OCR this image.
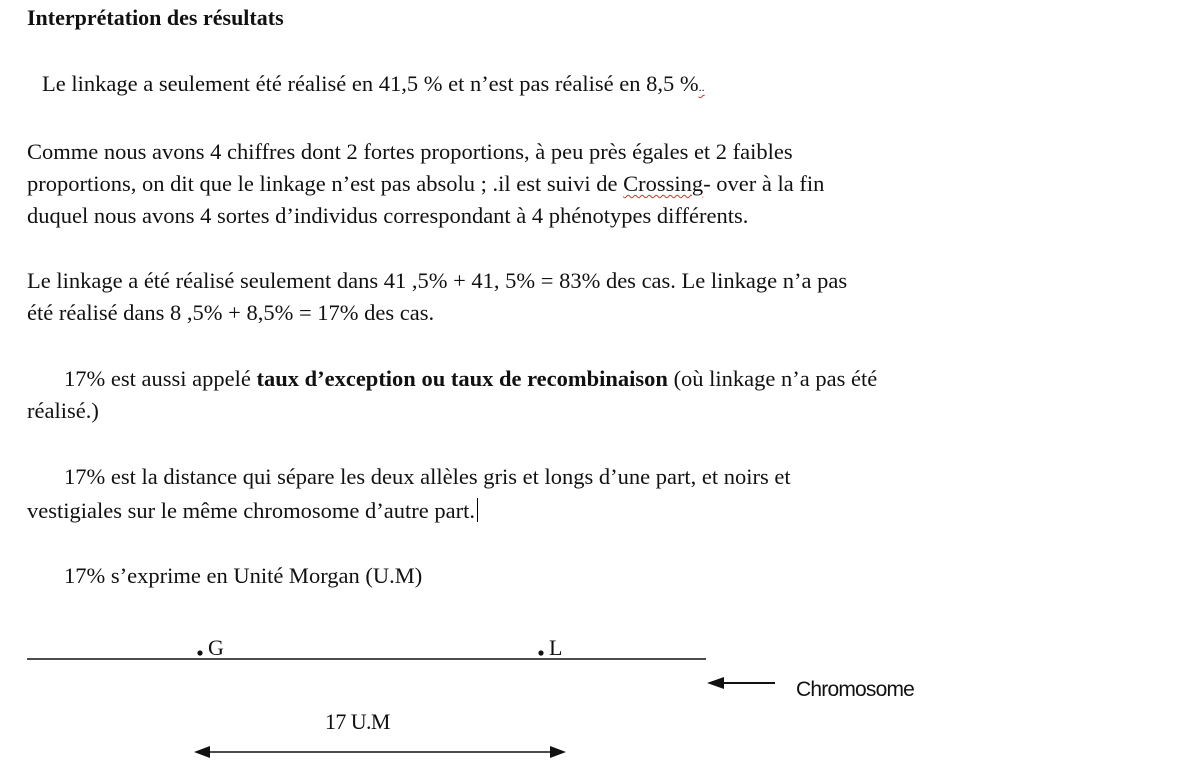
Interprétation des résultats
Le linkage a seulement été réalisé en 41,5 % et n’est pas réalisé en 8,5 %..
Comme nous avons 4 chiffres dont 2 fortes proportions, à peu près égales et 2 faibles
proportions, on dit que le linkage n’est pas absolu ; .il est suivi de Crossing- over à la fin
duquel nous avons 4 sortes d’individus correspondant à 4 phénotypes différents.
Le linkage a été réalisé seulement dans 41 ,5% + 41, 5% = 83% des cas. Le linkage n’a pas
été réalisé dans 8 ,5% + 8,5% = 17% des cas.
17% est aussi appelé taux d’exception ou taux de recombinaison (où linkage n’a pas été
réalisé.)
17% est la distance qui sépare les deux allèles gris et longs d’une part, et noirs et
vestigiales sur le même chromosome d’autre part.
17% s’exprime en Unité Morgan (U.M)
G	L
Chromosome
17 U.M
